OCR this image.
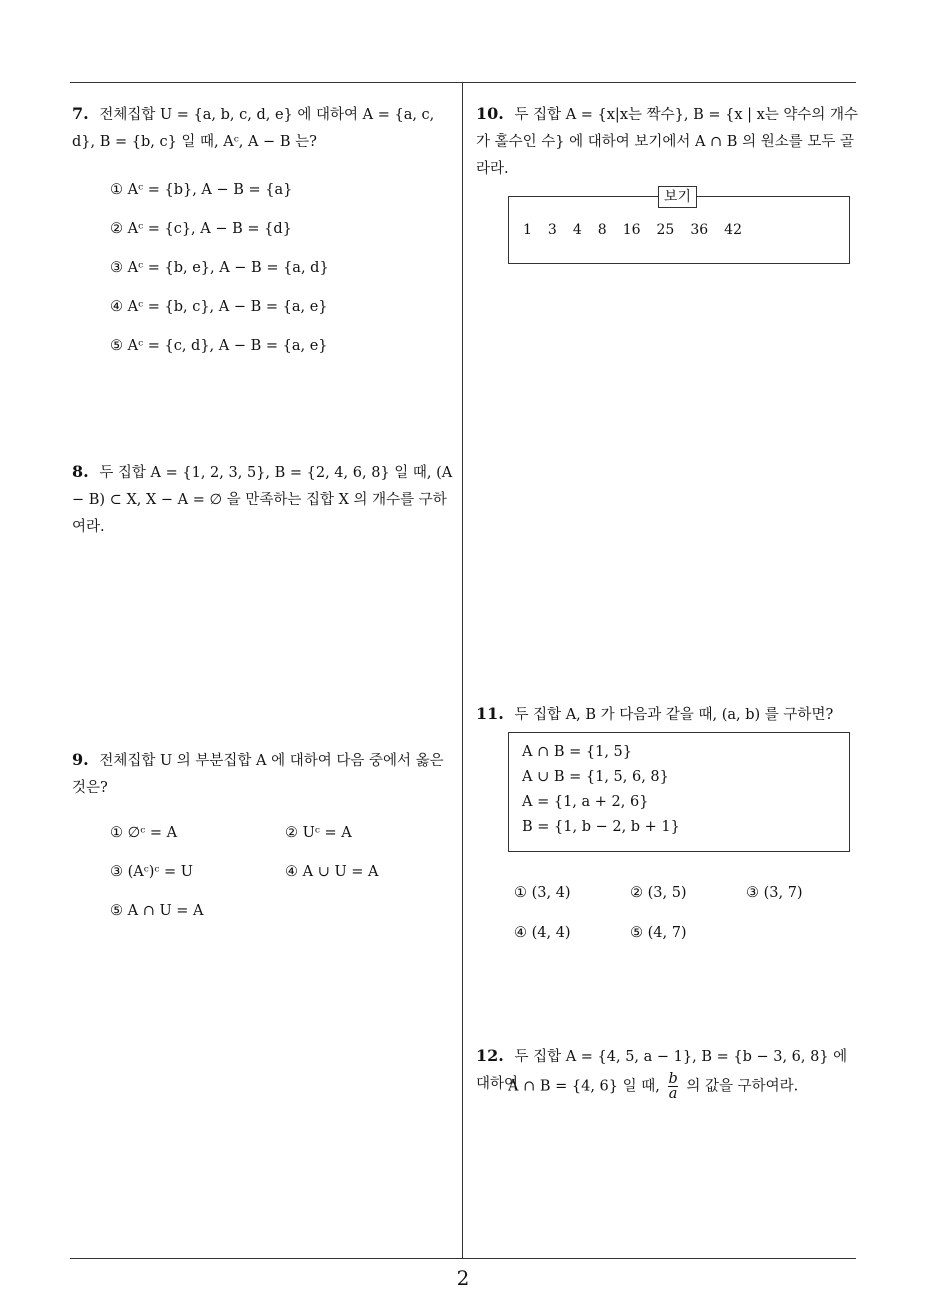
7. 전체집합 U = {a, b, c, d, e} 에 대하여 A = {a, c, d}, B = {b, c} 일 때, Aᶜ, A − B 는?
① Aᶜ = {b}, A − B = {a}
② Aᶜ = {c}, A − B = {d}
③ Aᶜ = {b, e}, A − B = {a, d}
④ Aᶜ = {b, c}, A − B = {a, e}
⑤ Aᶜ = {c, d}, A − B = {a, e}
8. 두 집합 A = {1, 2, 3, 5}, B = {2, 4, 6, 8} 일 때, (A − B) ⊂ X, X − A = ∅ 을 만족하는 집합 X 의 개수를 구하여라.
9. 전체집합 U 의 부분집합 A 에 대하여 다음 중에서 옳은 것은?
① ∅ᶜ = A	② Uᶜ = A
③ (Aᶜ)ᶜ = U	④ A ∪ U = A
⑤ A ∩ U = A
10. 두 집합 A = {x|x는 짝수}, B = {x | x는 약수의 개수가 홀수인 수} 에 대하여 보기에서 A ∩ B 의 원소를 모두 골라라.
보기
1 3 4 8 16 25 36 42
11. 두 집합 A, B 가 다음과 같을 때, (a, b) 를 구하면?
A ∩ B = {1, 5}
A ∪ B = {1, 5, 6, 8}
A = {1, a + 2, 6}
B = {1, b − 2, b + 1}
① (3, 4)	② (3, 5)	③ (3, 7)
④ (4, 4)	⑤ (4, 7)
12. 두 집합 A = {4, 5, a − 1}, B = {b − 3, 6, 8} 에 대하여
A ∩ B = {4, 6} 일 때, $\frac{b}{a}$ 의 값을 구하여라.
2
